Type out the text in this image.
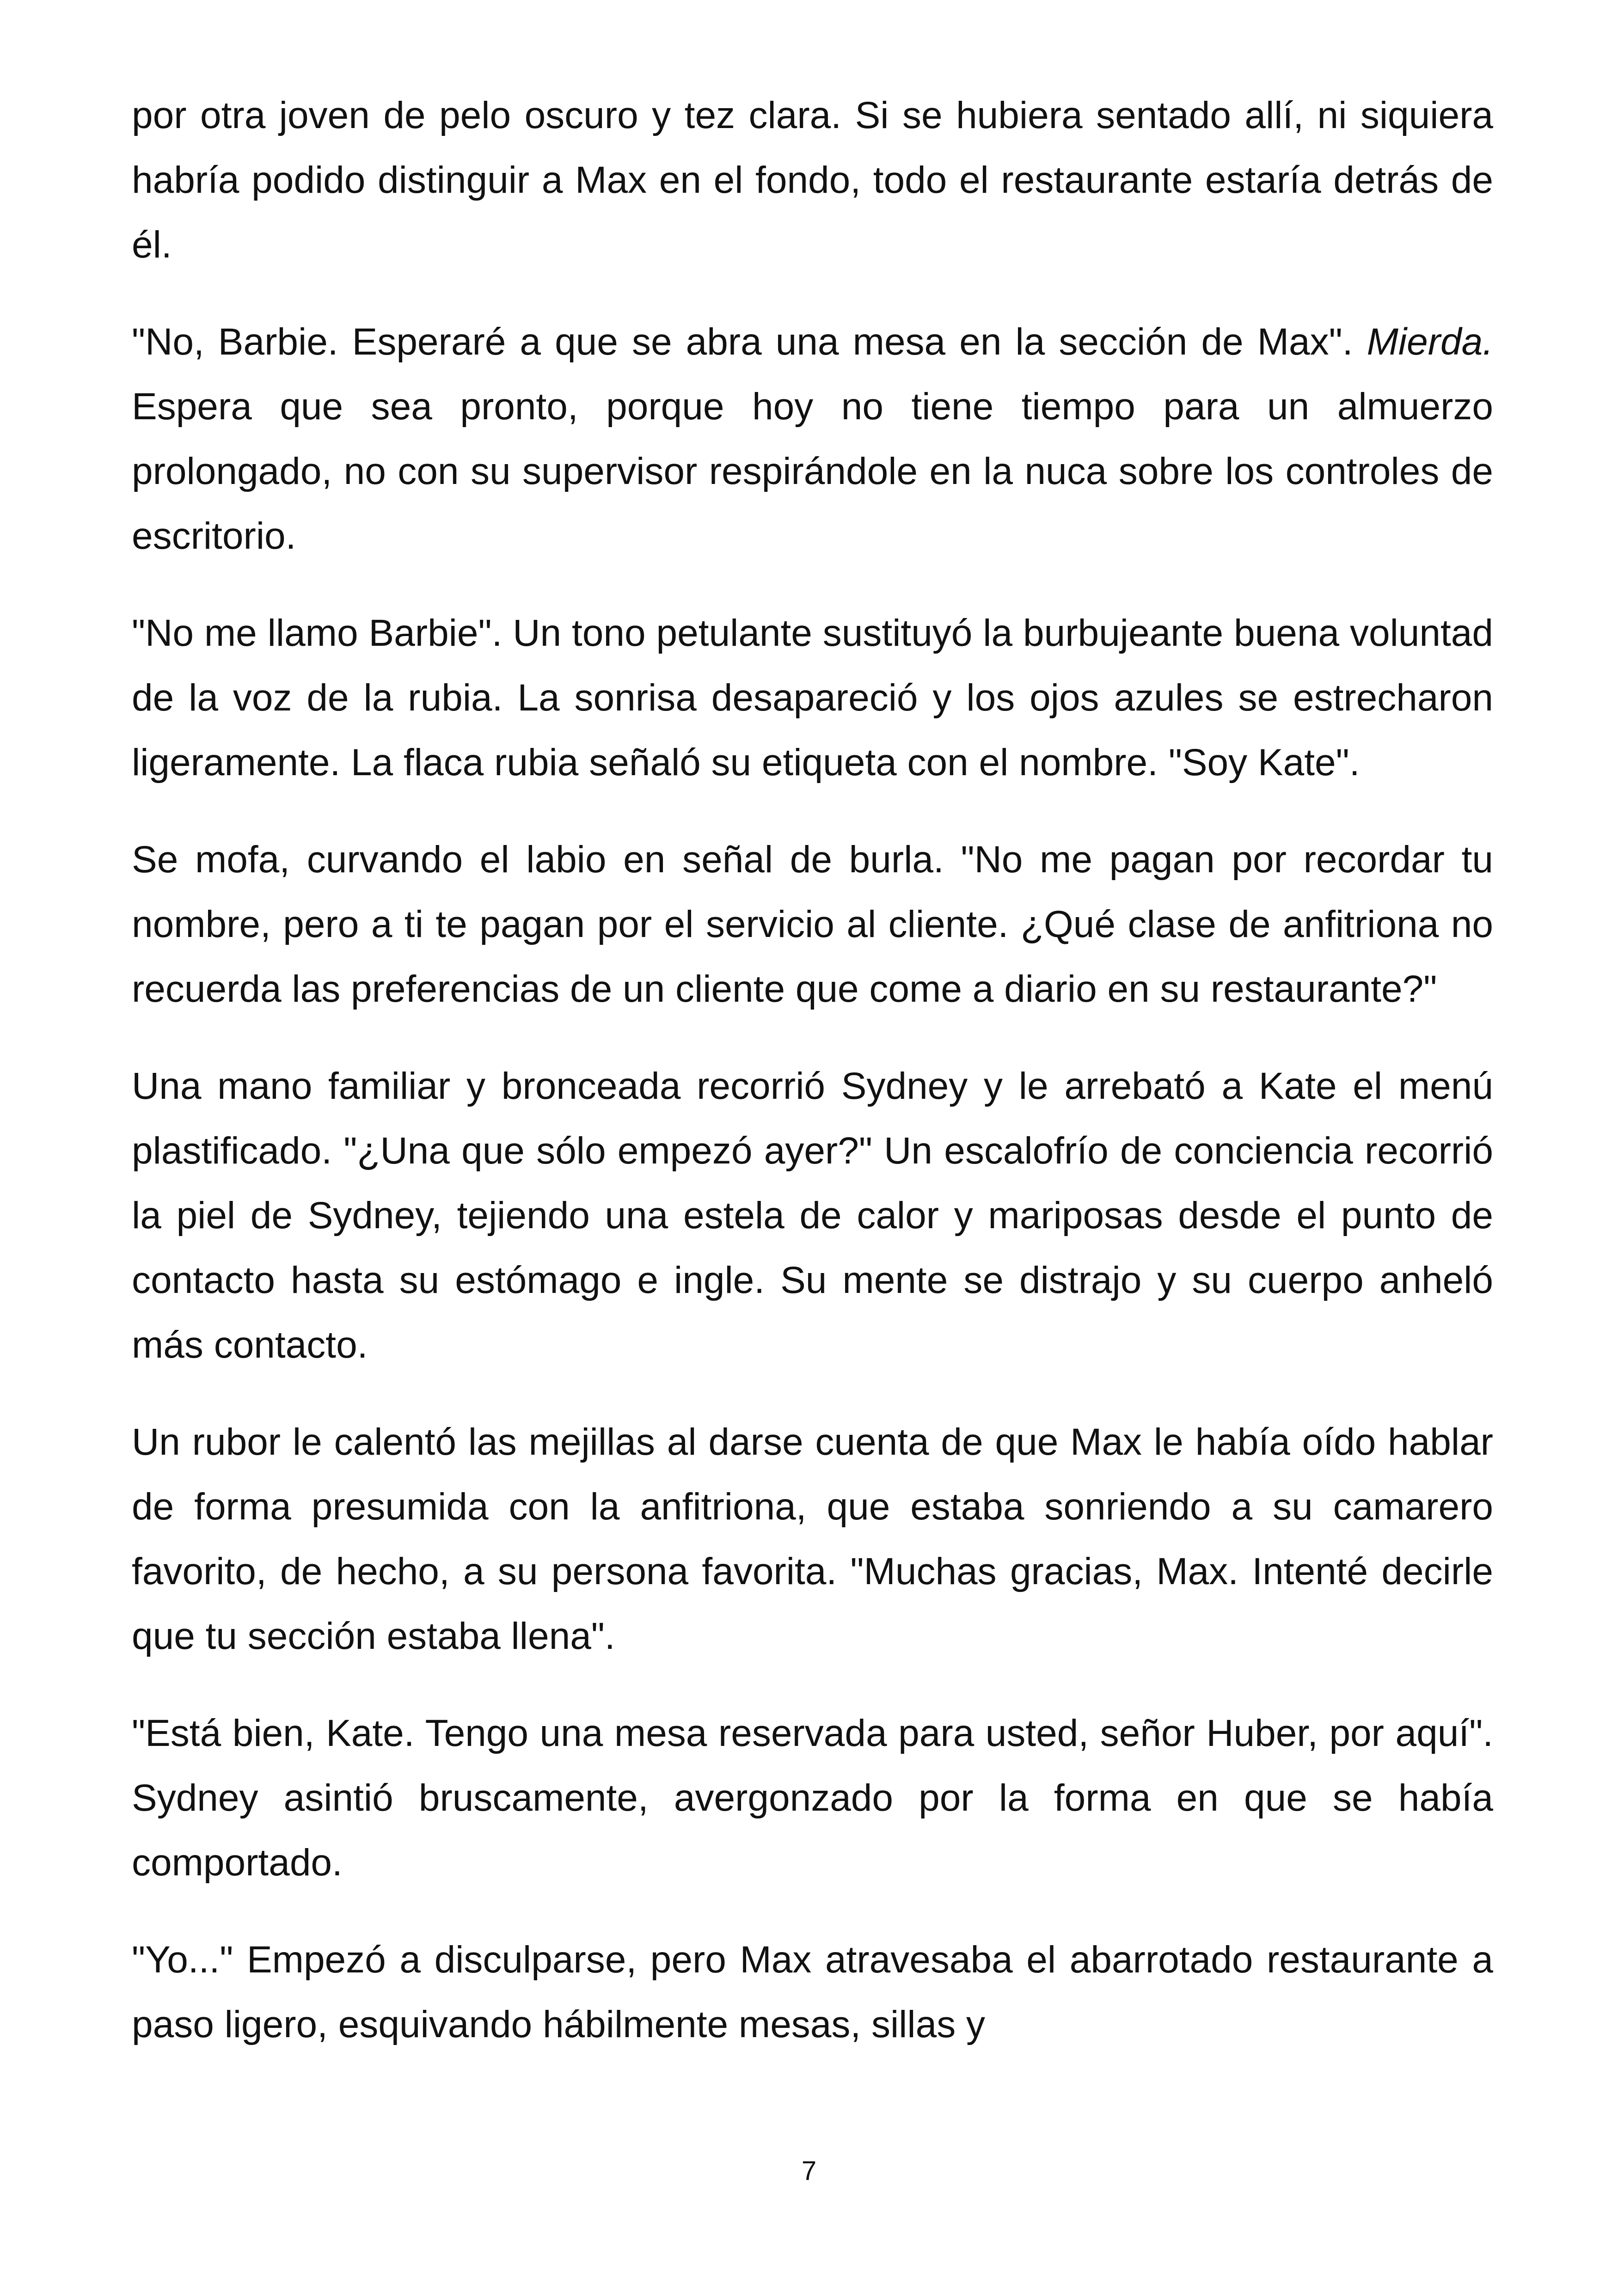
por otra joven de pelo oscuro y tez clara. Si se hubiera sentado allí, ni siquiera habría podido distinguir a Max en el fondo, todo el restaurante estaría detrás de él.

"No, Barbie. Esperaré a que se abra una mesa en la sección de Max". Mierda. Espera que sea pronto, porque hoy no tiene tiempo para un almuerzo prolongado, no con su supervisor respirándole en la nuca sobre los controles de escritorio.

"No me llamo Barbie". Un tono petulante sustituyó la burbujeante buena voluntad de la voz de la rubia. La sonrisa desapareció y los ojos azules se estrecharon ligeramente. La flaca rubia señaló su etiqueta con el nombre. "Soy Kate".

Se mofa, curvando el labio en señal de burla. "No me pagan por recordar tu nombre, pero a ti te pagan por el servicio al cliente. ¿Qué clase de anfitriona no recuerda las preferencias de un cliente que come a diario en su restaurante?"

Una mano familiar y bronceada recorrió Sydney y le arrebató a Kate el menú plastificado. "¿Una que sólo empezó ayer?" Un escalofrío de conciencia recorrió la piel de Sydney, tejiendo una estela de calor y mariposas desde el punto de contacto hasta su estómago e ingle. Su mente se distrajo y su cuerpo anheló más contacto.

Un rubor le calentó las mejillas al darse cuenta de que Max le había oído hablar de forma presumida con la anfitriona, que estaba sonriendo a su camarero favorito, de hecho, a su persona favorita. "Muchas gracias, Max. Intenté decirle que tu sección estaba llena".

"Está bien, Kate. Tengo una mesa reservada para usted, señor Huber, por aquí". Sydney asintió bruscamente, avergonzado por la forma en que se había comportado.

"Yo..." Empezó a disculparse, pero Max atravesaba el abarrotado restaurante a paso ligero, esquivando hábilmente mesas, sillas y

7
